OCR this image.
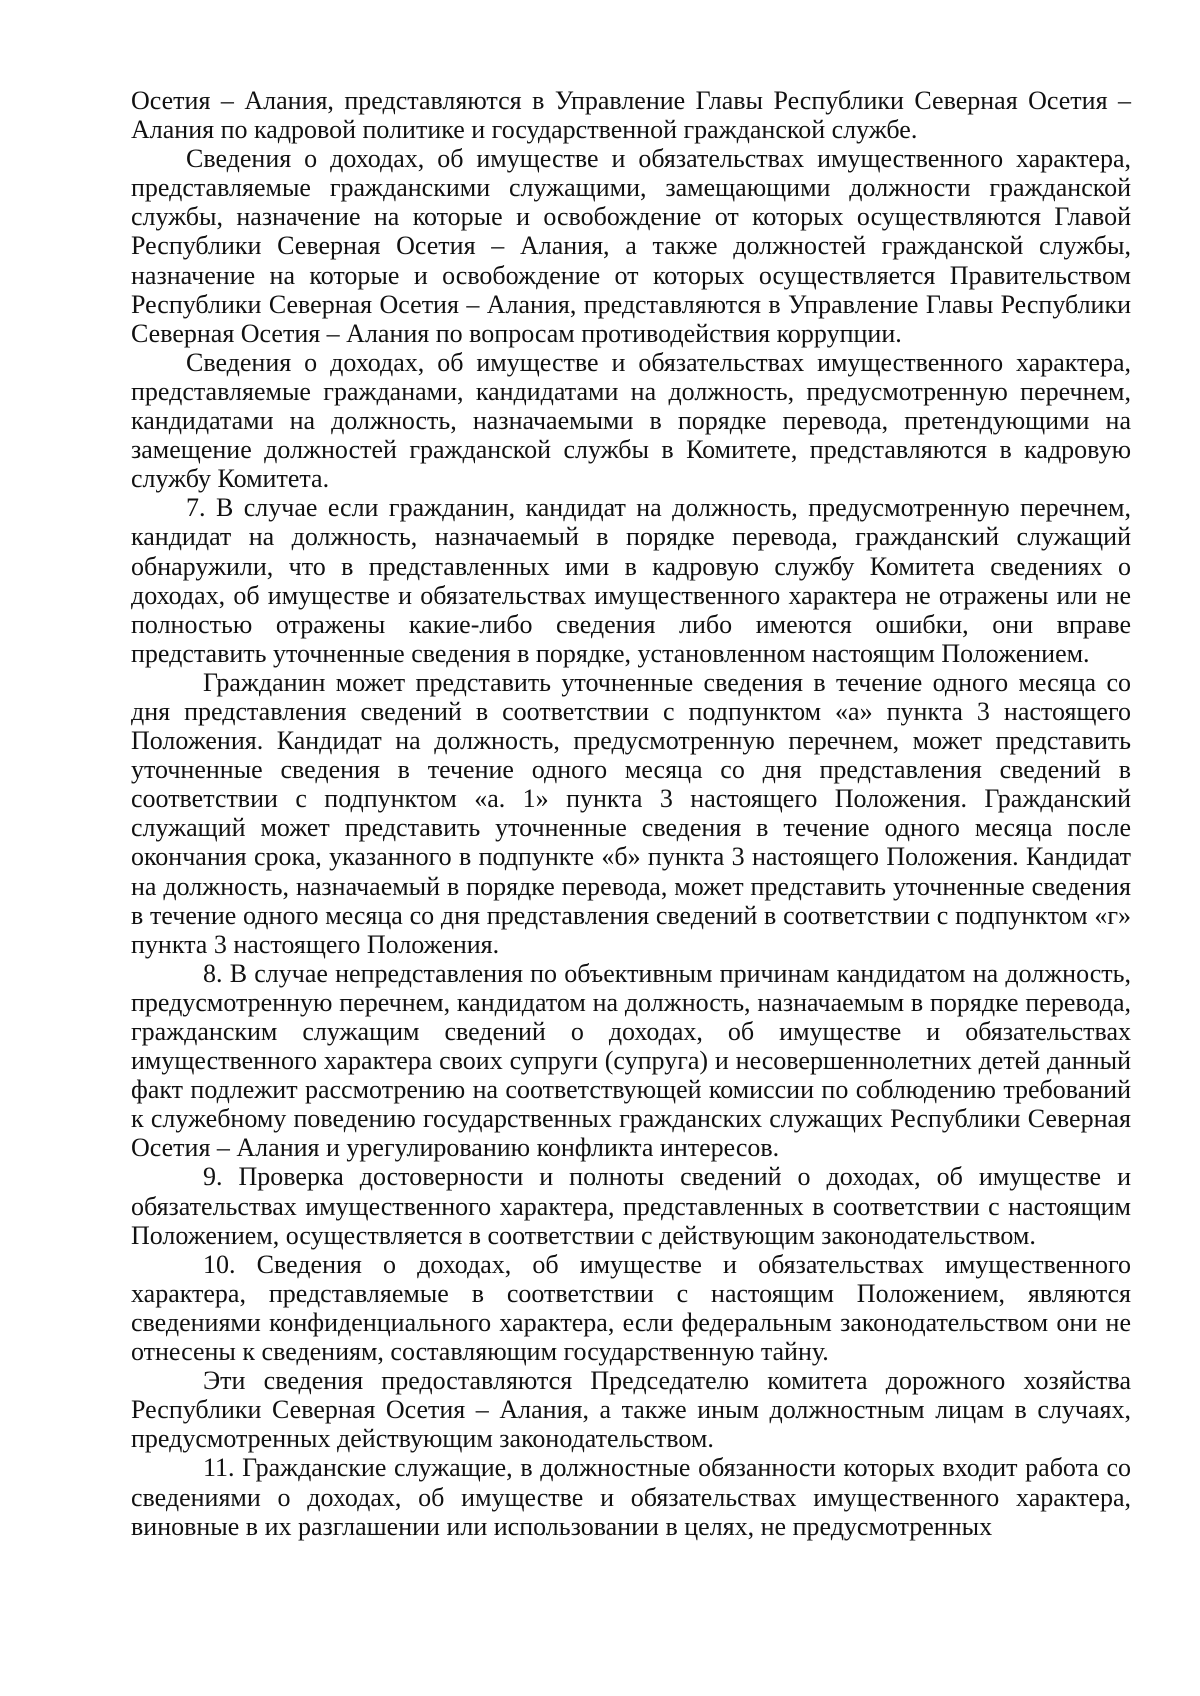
Осетия – Алания, представляются в Управление Главы Республики Северная Осетия – Алания по кадровой политике и государственной гражданской службе.

Сведения о доходах, об имуществе и обязательствах имущественного характера, представляемые гражданскими служащими, замещающими должности гражданской службы, назначение на которые и освобождение от которых осуществляются Главой Республики Северная Осетия – Алания, а также должностей гражданской службы, назначение на которые и освобождение от которых осуществляется Правительством Республики Северная Осетия – Алания, представляются в Управление Главы Республики Северная Осетия – Алания по вопросам противодействия коррупции.

Сведения о доходах, об имуществе и обязательствах имущественного характера, представляемые гражданами, кандидатами на должность, предусмотренную перечнем, кандидатами на должность, назначаемыми в порядке перевода, претендующими на замещение должностей гражданской службы в Комитете, представляются в кадровую службу Комитета.

7. В случае если гражданин, кандидат на должность, предусмотренную перечнем, кандидат на должность, назначаемый в порядке перевода, гражданский служащий обнаружили, что в представленных ими в кадровую службу Комитета сведениях о доходах, об имуществе и обязательствах имущественного характера не отражены или не полностью отражены какие-либо сведения либо имеются ошибки, они вправе представить уточненные сведения в порядке, установленном настоящим Положением.

Гражданин может представить уточненные сведения в течение одного месяца со дня представления сведений в соответствии с подпунктом «а» пункта 3 настоящего Положения. Кандидат на должность, предусмотренную перечнем, может представить уточненные сведения в течение одного месяца со дня представления сведений в соответствии с подпунктом «а. 1» пункта 3 настоящего Положения. Гражданский служащий может представить уточненные сведения в течение одного месяца после окончания срока, указанного в подпункте «б» пункта 3 настоящего Положения. Кандидат на должность, назначаемый в порядке перевода, может представить уточненные сведения в течение одного месяца со дня представления сведений в соответствии с подпунктом «г» пункта 3 настоящего Положения.

8. В случае непредставления по объективным причинам кандидатом на должность, предусмотренную перечнем, кандидатом на должность, назначаемым в порядке перевода, гражданским служащим сведений о доходах, об имуществе и обязательствах имущественного характера своих супруги (супруга) и несовершеннолетних детей данный факт подлежит рассмотрению на соответствующей комиссии по соблюдению требований к служебному поведению государственных гражданских служащих Республики Северная Осетия – Алания и урегулированию конфликта интересов.

9. Проверка достоверности и полноты сведений о доходах, об имуществе и обязательствах имущественного характера, представленных в соответствии с настоящим Положением, осуществляется в соответствии с действующим законодательством.

10. Сведения о доходах, об имуществе и обязательствах имущественного характера, представляемые в соответствии с настоящим Положением, являются сведениями конфиденциального характера, если федеральным законодательством они не отнесены к сведениям, составляющим государственную тайну.

Эти сведения предоставляются Председателю комитета дорожного хозяйства Республики Северная Осетия – Алания, а также иным должностным лицам в случаях, предусмотренных действующим законодательством.

11. Гражданские служащие, в должностные обязанности которых входит работа со сведениями о доходах, об имуществе и обязательствах имущественного характера, виновные в их разглашении или использовании в целях, не предусмотренных
